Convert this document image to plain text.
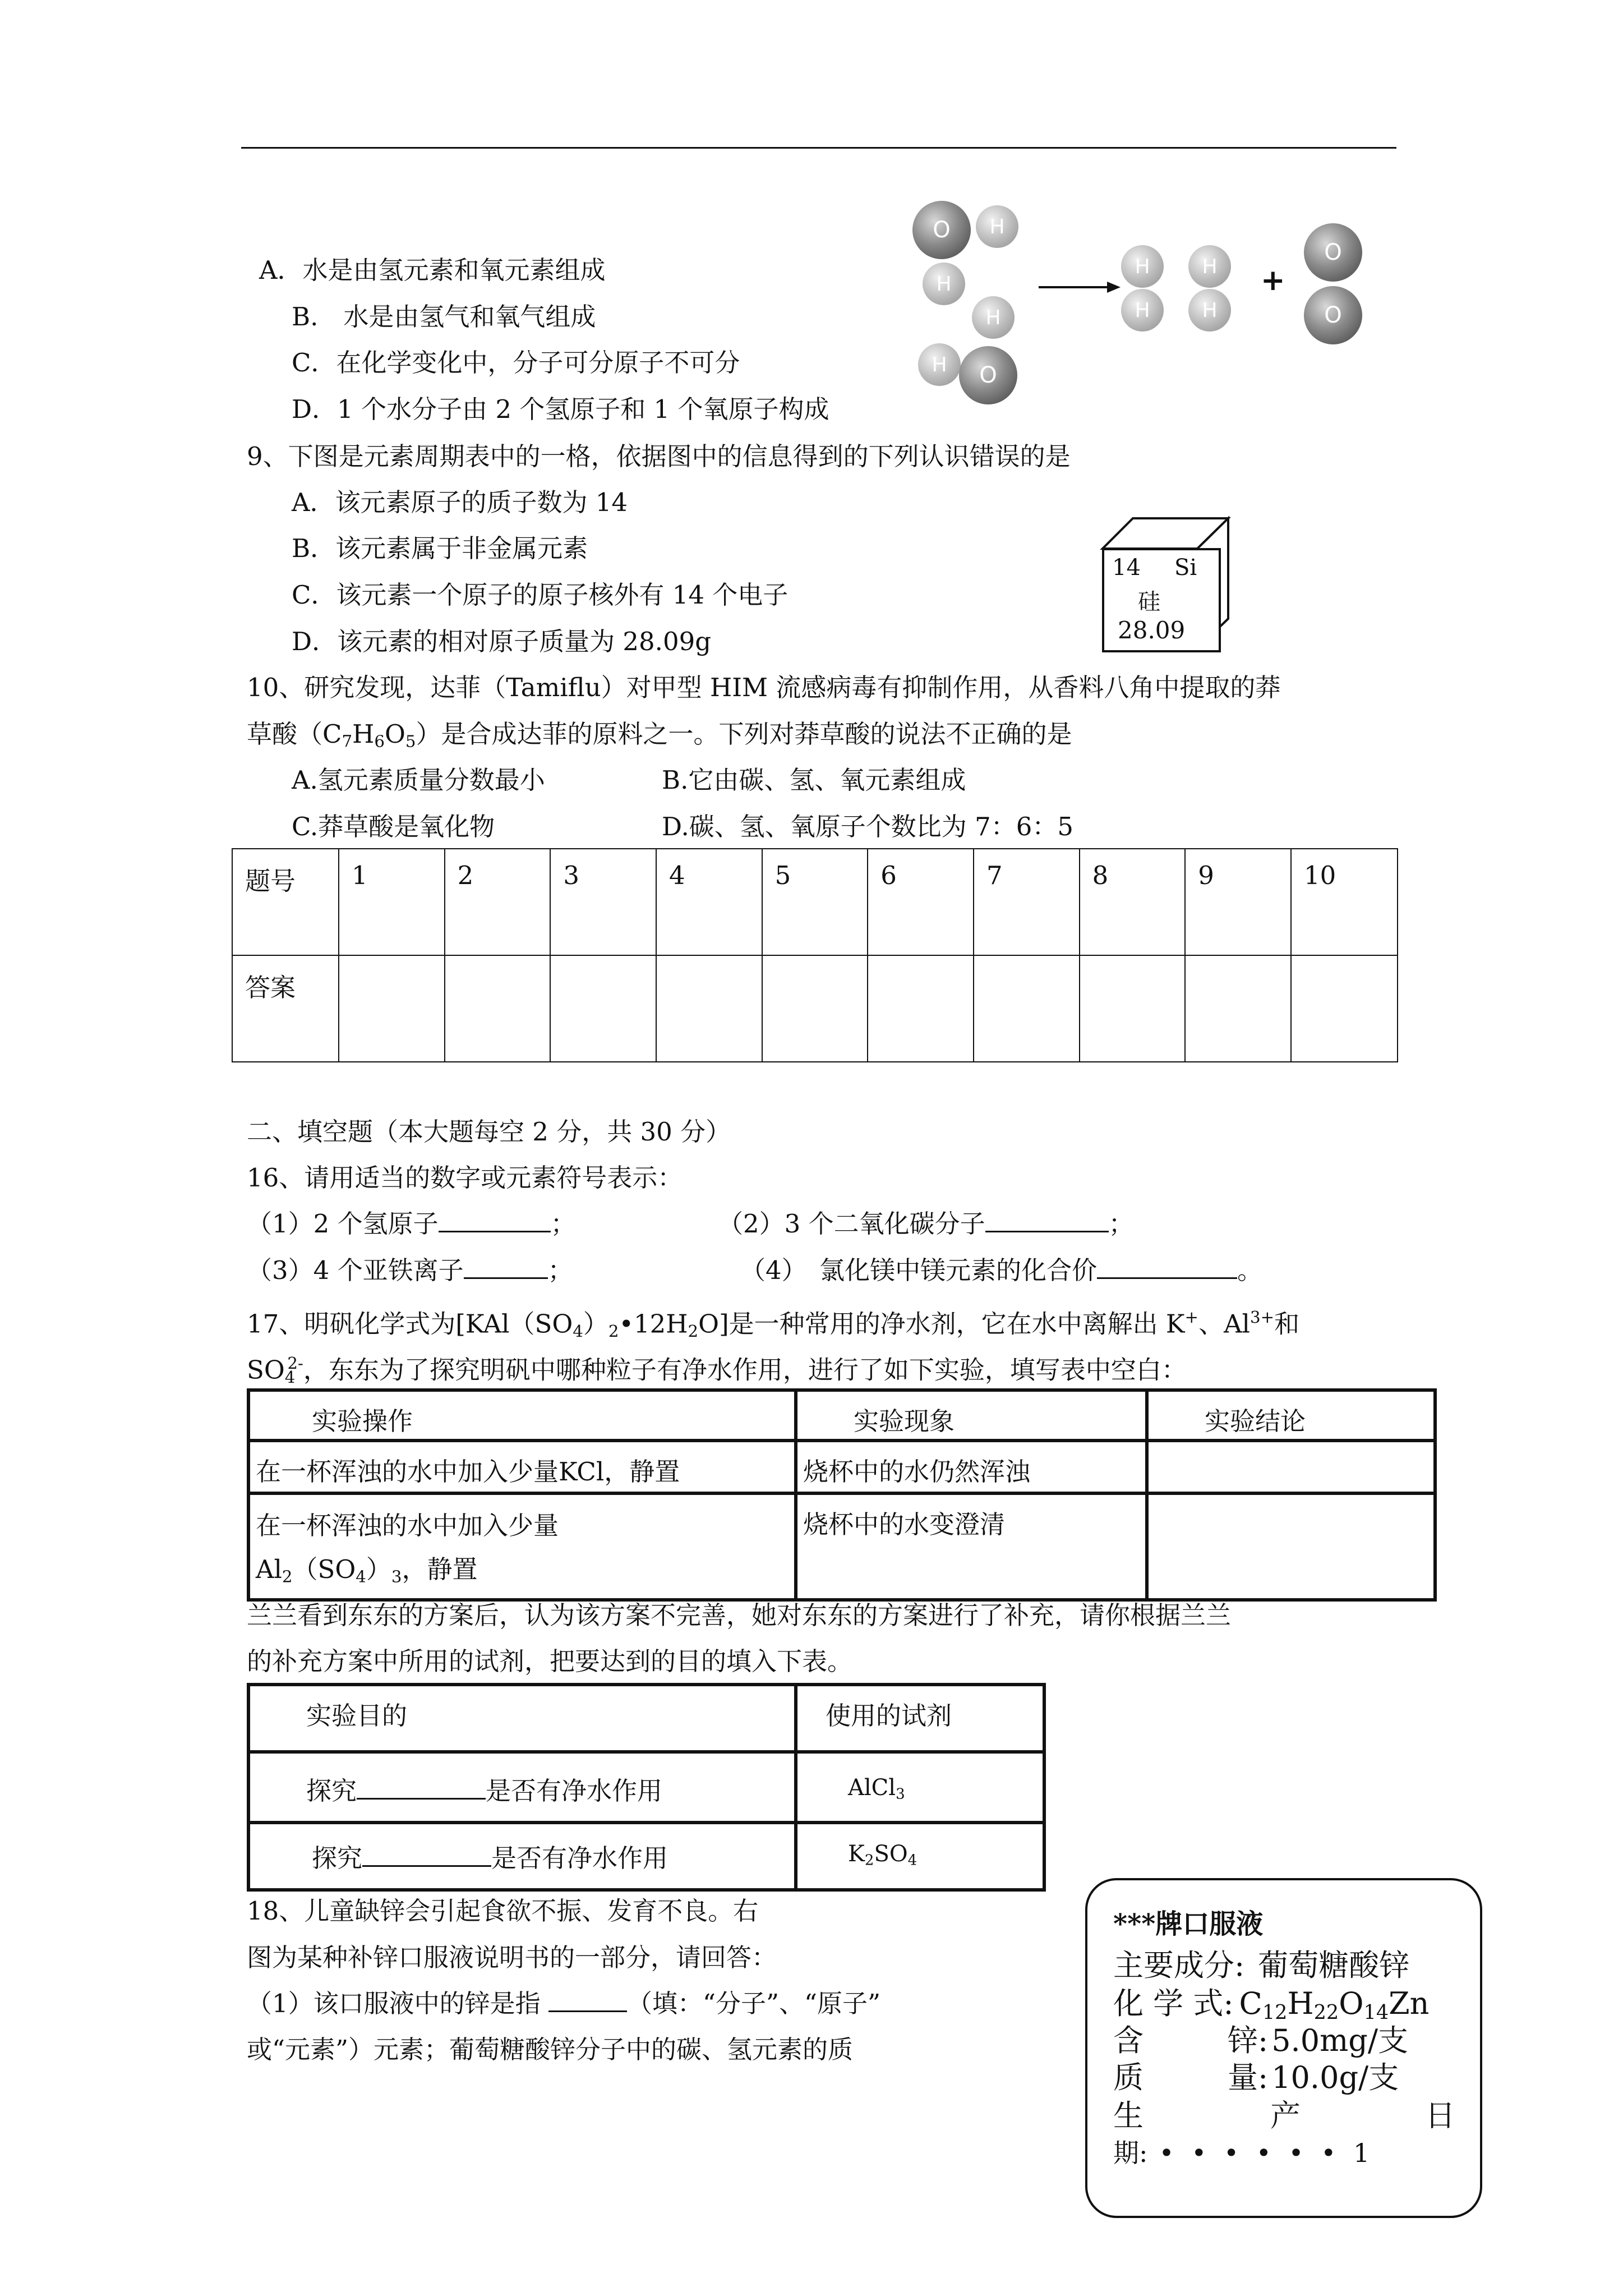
A．水是由氢元素和氧元素组成
B.　水是由氢气和氧气组成
C．在化学变化中，分子可分原子不可分
D．1 个水分子由 2 个氢原子和 1 个氧原子构成
O	H
H
H
H	O
H	H
H	H
+
O
O
9、下图是元素周期表中的一格，依据图中的信息得到的下列认识错误的是
A．该元素原子的质子数为 14
B．该元素属于非金属元素
C．该元素一个原子的原子核外有 14 个电子
D．该元素的相对原子质量为 28.09g
14 Si
硅
28.09
10、研究发现，达菲（Tamiflu）对甲型 HIM 流感病毒有抑制作用，从香料八角中提取的莽
草酸$(C_7H_6O_5)$是合成达菲的原料之一。下列对莽草酸的说法不正确的是
A.氢元素质量分数最小	B.它由碳、氢、氧元素组成
C.莽草酸是氧化物	D.碳、氢、氧原子个数比为 7：6：5
题号	1	2	3	4	5	6	7	8	9	10
答案										
二、填空题（本大题每空 2 分，共 30 分）
16、请用适当的数字或元素符号表示：
（1）2 个氢原子	；	（2）3 个二氧化碳分子	；
（3）4 个亚铁离子	；	（4）　氯化镁中镁元素的化合价	。
17、明矾化学式为$[KAl(SO_4)_2•12H_2O]$是一种常用的净水剂，它在水中离解出 K+、$Al^{3+}$和
$SO_4^{2-}$，东东为了探究明矾中哪种粒子有净水作用，进行了如下实验，填写表中空白：
实验操作	实验现象	实验结论
在一杯浑浊的水中加入少量KCl，静置	烧杯中的水仍然浑浊	
在一杯浑浊的水中加入少量
$Al_2(SO_4)_3$，静置	烧杯中的水变澄清	
兰兰看到东东的方案后，认为该方案不完善，她对东东的方案进行了补充，请你根据兰兰
的补充方案中所用的试剂，把要达到的目的填入下表。
实验目的	使用的试剂
探究 是否有净水作用	AlCl$_3$
探究 是否有净水作用	$K_2SO_4$
18、儿童缺锌会引起食欲不振、发育不良。右
图为某种补锌口服液说明书的一部分，请回答：
（1）该口服液中的锌是指	（填：“分子”、“原子”
或“元素”）元素；葡萄糖酸锌分子中的碳、氢元素的质
***牌口服液
主要成分: 葡萄糖酸锌
化 学 式: $C_{12}H_{22}O_{14}Zn$
含	锌: 5.0mg/支
质	量: 10.0g/支
生	产	日
期: • • • • • • 1
